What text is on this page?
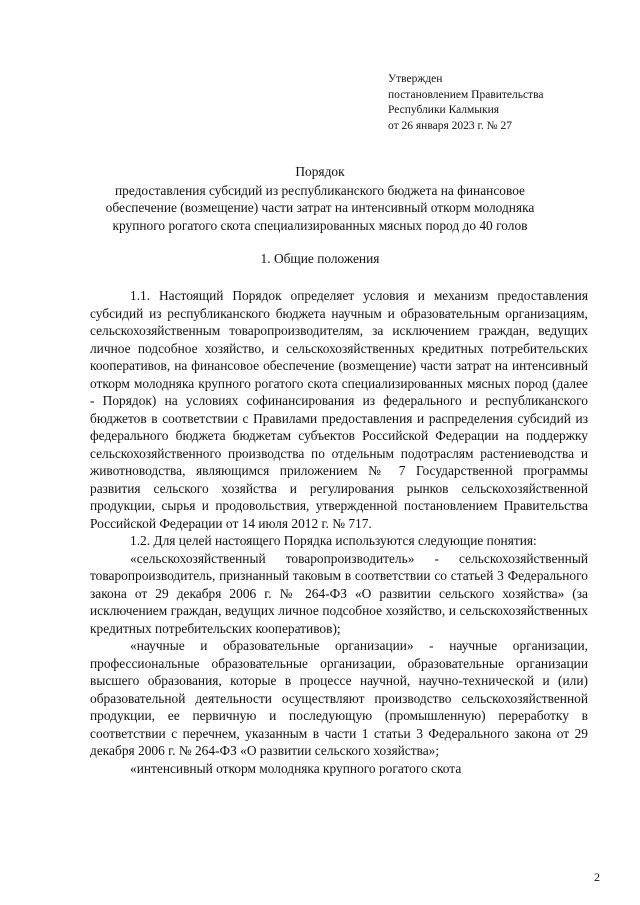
Утвержден
постановлением Правительства
Республики Калмыкия
от 26 января 2023 г. № 27
Порядок
предоставления субсидий из республиканского бюджета на финансовое
обеспечение (возмещение) части затрат на интенсивный откорм молодняка
крупного рогатого скота специализированных мясных пород до 40 голов
1. Общие положения

1.1. Настоящий Порядок определяет условия и механизм предоставления субсидий из республиканского бюджета научным и образовательным организациям, сельскохозяйственным товаропроизводителям, за исключением граждан, ведущих личное подсобное хозяйство, и сельскохозяйственных кредитных потребительских кооперативов, на финансовое обеспечение (возмещение) части затрат на интенсивный откорм молодняка крупного рогатого скота специализированных мясных пород (далее - Порядок) на условиях софинансирования из федерального и республиканского бюджетов в соответствии с Правилами предоставления и распределения субсидий из федерального бюджета бюджетам субъектов Российской Федерации на поддержку сельскохозяйственного производства по отдельным подотраслям растениеводства и животноводства, являющимся приложением № 7 Государственной программы развития сельского хозяйства и регулирования рынков сельскохозяйственной продукции, сырья и продовольствия, утвержденной постановлением Правительства Российской Федерации от 14 июля 2012 г. № 717.

1.2. Для целей настоящего Порядка используются следующие понятия:

«сельскохозяйственный товаропроизводитель» - сельскохозяйственный товаропроизводитель, признанный таковым в соответствии со статьей 3 Федерального закона от 29 декабря 2006 г. № 264-ФЗ «О развитии сельского хозяйства» (за исключением граждан, ведущих личное подсобное хозяйство, и сельскохозяйственных кредитных потребительских кооперативов);

«научные и образовательные организации» - научные организации, профессиональные образовательные организации, образовательные организации высшего образования, которые в процессе научной, научно-технической и (или) образовательной деятельности осуществляют производство сельскохозяйственной продукции, ее первичную и последующую (промышленную) переработку в соответствии с перечнем, указанным в части 1 статьи 3 Федерального закона от 29 декабря 2006 г. № 264-ФЗ «О развитии сельского хозяйства»;

«интенсивный откорм молодняка крупного рогатого скота

2
